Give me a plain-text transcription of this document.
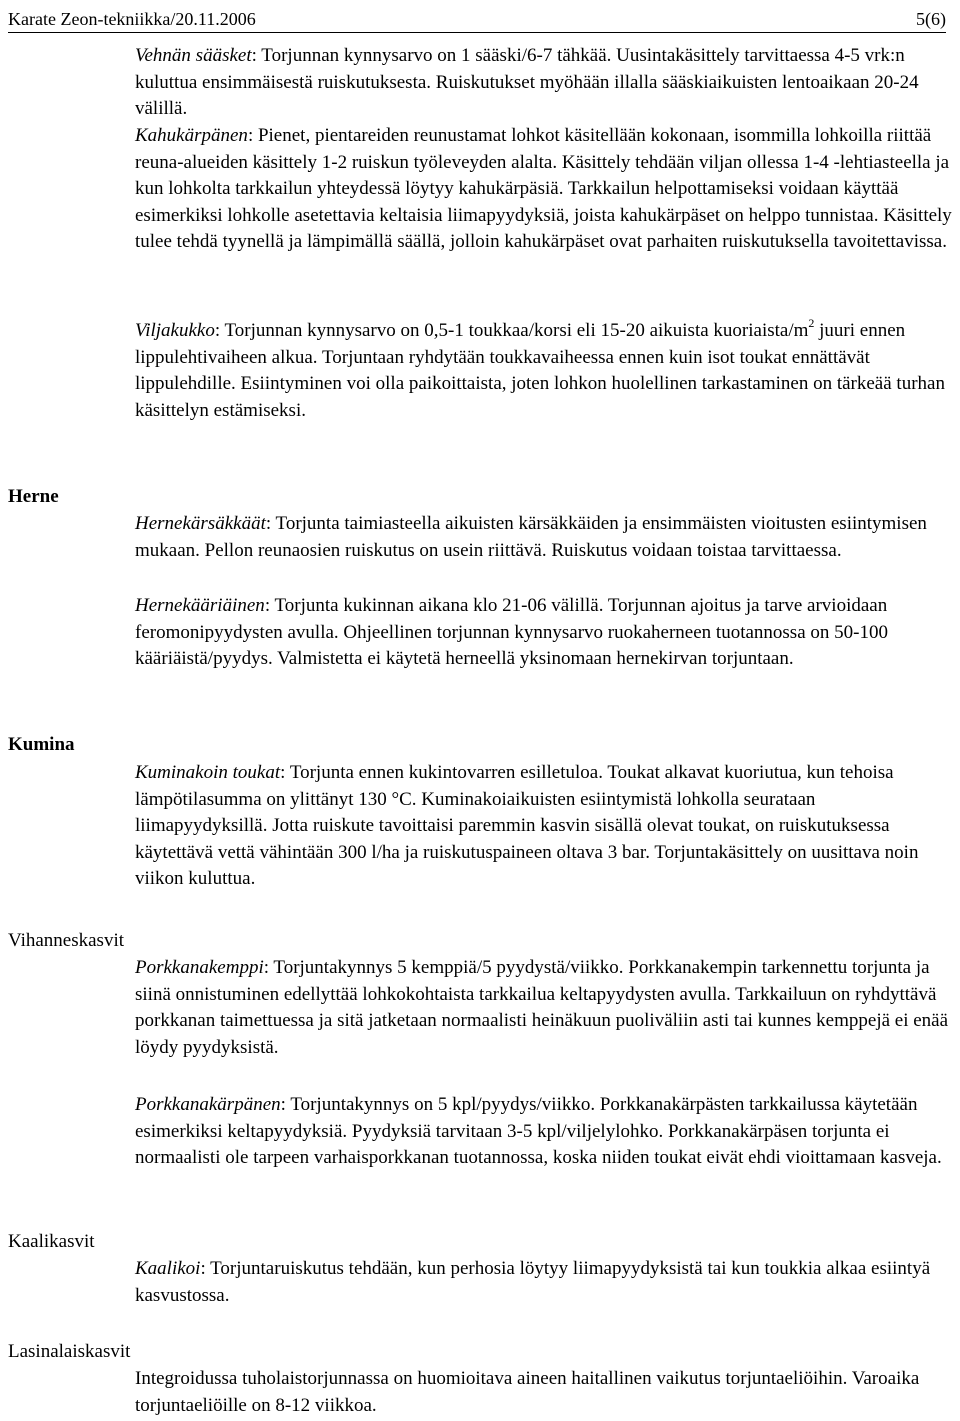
Karate Zeon-tekniikka/20.11.2006	5(6)

Vehnän sääsket: Torjunnan kynnysarvo on 1 sääski/6-7 tähkää. Uusintakäsittely tarvittaessa 4-5 vrk:n kuluttua ensimmäisestä ruiskutuksesta. Ruiskutukset myöhään illalla sääskiaikuisten lentoaikaan 20-24 välillä.

Kahukärpänen: Pienet, pientareiden reunustamat lohkot käsitellään kokonaan, isommilla lohkoilla riittää reuna-alueiden käsittely 1-2 ruiskun työleveyden alalta. Käsittely tehdään viljan ollessa 1-4 -lehtiasteella ja kun lohkolta tarkkailun yhteydessä löytyy kahukärpäsiä. Tarkkailun helpottamiseksi voidaan käyttää esimerkiksi lohkolle asetettavia keltaisia liimapyydyksiä, joista kahukärpäset on helppo tunnistaa. Käsittely tulee tehdä tyynellä ja lämpimällä säällä, jolloin kahukärpäset ovat parhaiten ruiskutuksella tavoitettavissa.

Viljakukko: Torjunnan kynnysarvo on 0,5-1 toukkaa/korsi eli 15-20 aikuista kuoriaista/$m^2$ juuri ennen lippulehtivaiheen alkua. Torjuntaan ryhdytään toukkavaiheessa ennen kuin isot toukat ennättävät lippulehdille. Esiintyminen voi olla paikoittaista, joten lohkon huolellinen tarkastaminen on tärkeää turhan käsittelyn estämiseksi.

Herne

Hernekärsäkkäät: Torjunta taimiasteella aikuisten kärsäkkäiden ja ensimmäisten vioitusten esiintymisen mukaan. Pellon reunaosien ruiskutus on usein riittävä. Ruiskutus voidaan toistaa tarvittaessa.

Hernekääriäinen: Torjunta kukinnan aikana klo 21-06 välillä. Torjunnan ajoitus ja tarve arvioidaan feromonipyydysten avulla. Ohjeellinen torjunnan kynnysarvo ruokaherneen tuotannossa on 50-100 kääriäistä/pyydys. Valmistetta ei käytetä herneellä yksinomaan hernekirvan torjuntaan.

Kumina

Kuminakoin toukat: Torjunta ennen kukintovarren esilletuloa. Toukat alkavat kuoriutua, kun tehoisa lämpötilasumma on ylittänyt 130 °C. Kuminakoiaikuisten esiintymistä lohkolla seurataan liimapyydyksillä. Jotta ruiskute tavoittaisi paremmin kasvin sisällä olevat toukat, on ruiskutuksessa käytettävä vettä vähintään 300 l/ha ja ruiskutuspaineen oltava 3 bar. Torjuntakäsittely on uusittava noin viikon kuluttua.

Vihanneskasvit

Porkkanakemppi: Torjuntakynnys 5 kemppiä/5 pyydystä/viikko. Porkkanakempin tarkennettu torjunta ja siinä onnistuminen edellyttää lohkokohtaista tarkkailua keltapyydysten avulla. Tarkkailuun on ryhdyttävä porkkanan taimettuessa ja sitä jatketaan normaalisti heinäkuun puoliväliin asti tai kunnes kemppejä ei enää löydy pyydyksistä.

Porkkanakärpänen: Torjuntakynnys on 5 kpl/pyydys/viikko. Porkkanakärpästen tarkkailussa käytetään esimerkiksi keltapyydyksiä. Pyydyksiä tarvitaan 3-5 kpl/viljelylohko. Porkkanakärpäsen torjunta ei normaalisti ole tarpeen varhaisporkkanan tuotannossa, koska niiden toukat eivät ehdi vioittamaan kasveja.

Kaalikasvit

Kaalikoi: Torjuntaruiskutus tehdään, kun perhosia löytyy liimapyydyksistä tai kun toukkia alkaa esiintyä kasvustossa.

Lasinalaiskasvit

Integroidussa tuholaistorjunnassa on huomioitava aineen haitallinen vaikutus torjuntaeliöihin. Varoaika torjuntaeliöille on 8-12 viikkoa.
